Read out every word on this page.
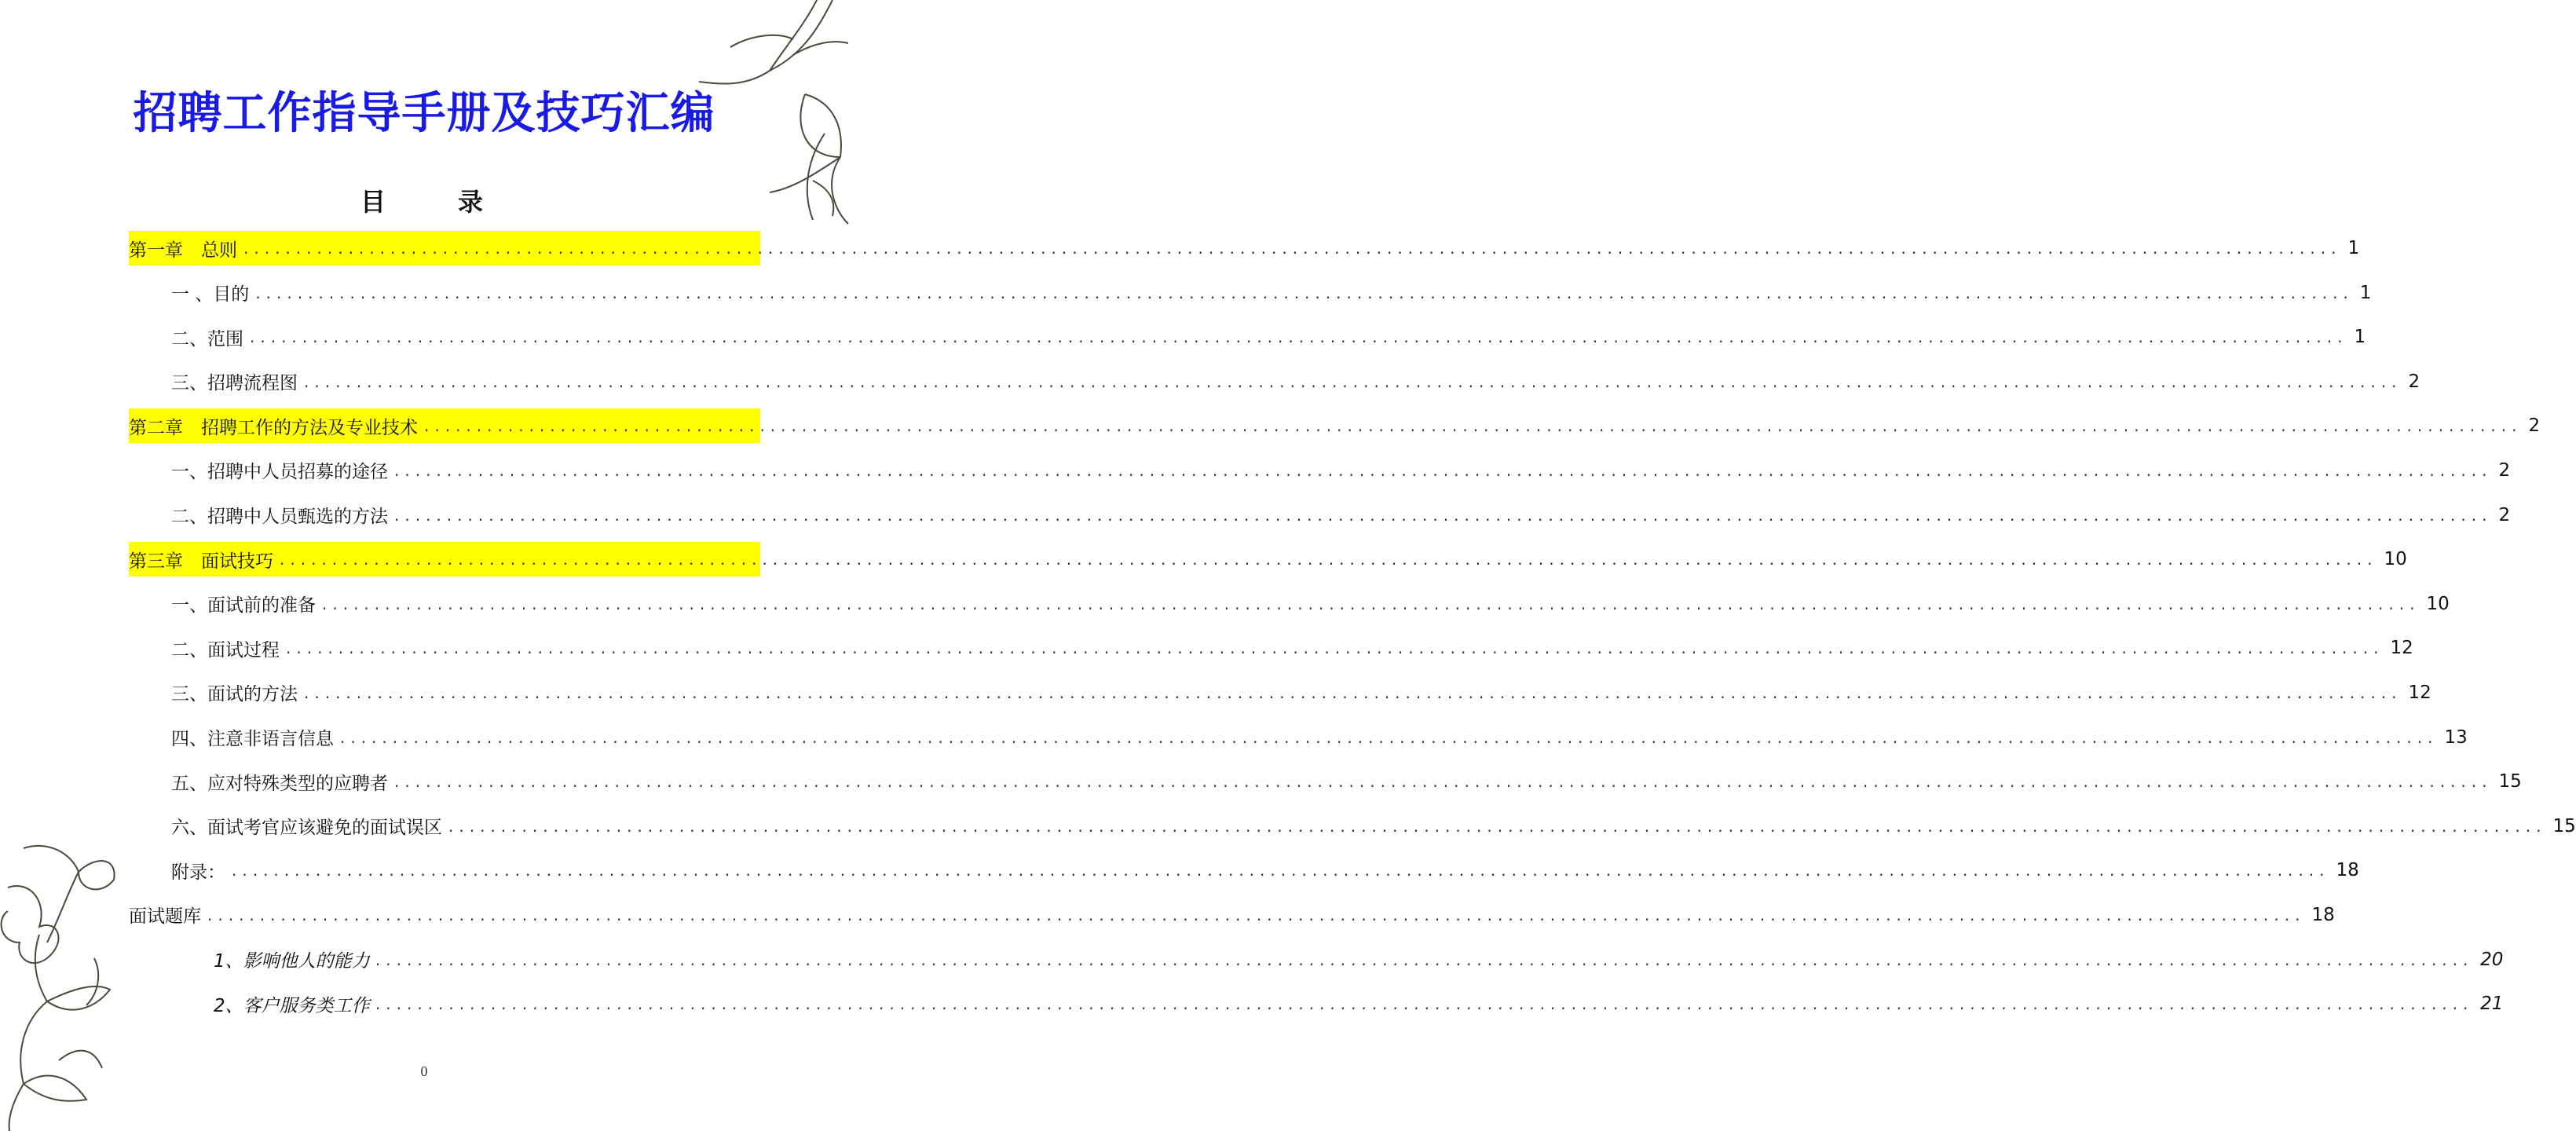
招聘工作指导手册及技巧汇编
目　录
第一章　总则 ........................................................................................................................................................................................................ 1
一 、目的 ........................................................................................................................................................................................................ 1
二、范围 ........................................................................................................................................................................................................ 1
三、招聘流程图 ........................................................................................................................................................................................................ 2
第二章　招聘工作的方法及专业技术 ........................................................................................................................................................................................................ 2
一、招聘中人员招募的途径 ........................................................................................................................................................................................................ 2
二、招聘中人员甄选的方法 ........................................................................................................................................................................................................ 2
第三章　面试技巧 ........................................................................................................................................................................................................ 10
一、面试前的准备 ........................................................................................................................................................................................................ 10
二、面试过程 ........................................................................................................................................................................................................ 12
三、面试的方法 ........................................................................................................................................................................................................ 12
四、注意非语言信息 ........................................................................................................................................................................................................ 13
五、应对特殊类型的应聘者 ........................................................................................................................................................................................................ 15
六、面试考官应该避免的面试误区 ........................................................................................................................................................................................................ 15
附录： ........................................................................................................................................................................................................ 18
面试题库 ........................................................................................................................................................................................................ 18
1、影响他人的能力 ........................................................................................................................................................................................................ 20
2、客户服务类工作 ........................................................................................................................................................................................................ 21
0
